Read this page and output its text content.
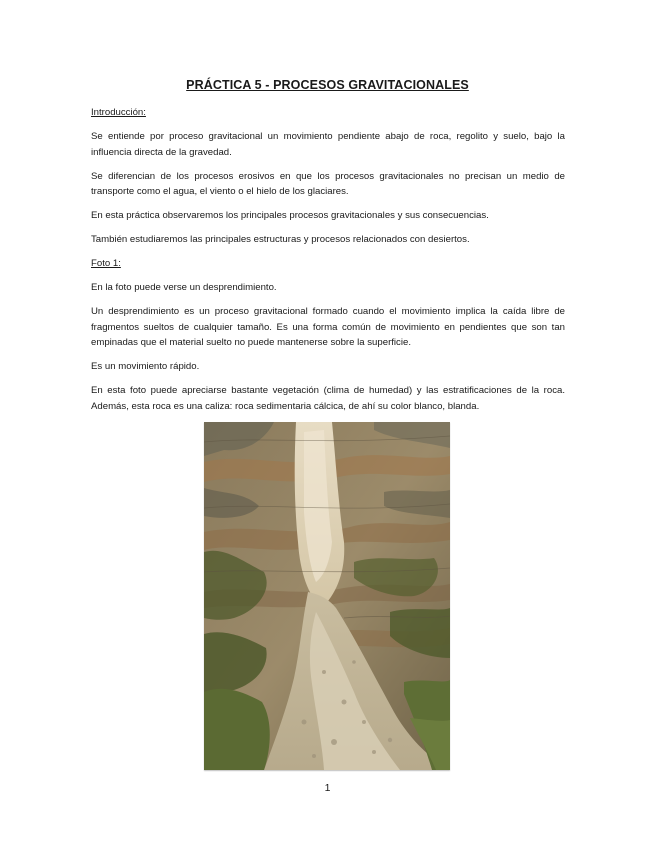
PRÁCTICA 5 - PROCESOS GRAVITACIONALES

Introducción:

Se entiende por proceso gravitacional un movimiento pendiente abajo de roca, regolito y suelo, bajo la influencia directa de la gravedad.

Se diferencian de los procesos erosivos en que los procesos gravitacionales no precisan un medio de transporte como el agua, el viento o el hielo de los glaciares.

En esta práctica observaremos los principales procesos gravitacionales y sus consecuencias.

También estudiaremos las principales estructuras y procesos relacionados con desiertos.

Foto 1:

En la foto puede verse un desprendimiento.

Un desprendimiento es un proceso gravitacional formado cuando el movimiento implica la caída libre de fragmentos sueltos de cualquier tamaño. Es una forma común de movimiento en pendientes que son tan empinadas que el material suelto no puede mantenerse sobre la superficie.

Es un movimiento rápido.

En esta foto puede apreciarse bastante vegetación (clima de humedad) y las estratificaciones de la roca. Además, esta roca es una caliza: roca sedimentaria cálcica, de ahí su color blanco, blanda.

1
